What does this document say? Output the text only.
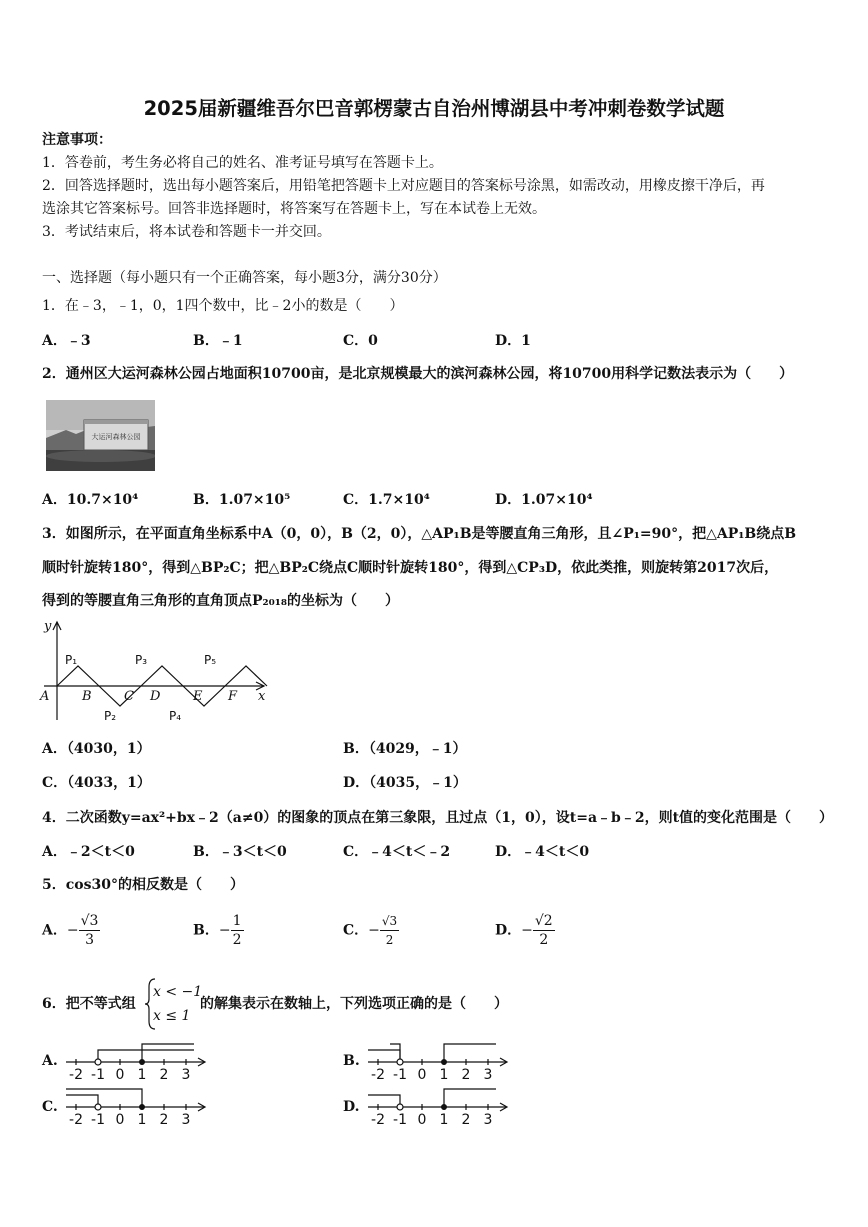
2025届新疆维吾尔巴音郭楞蒙古自治州博湖县中考冲刺卷数学试题
注意事项：
1．答卷前，考生务必将自己的姓名、准考证号填写在答题卡上。
2．回答选择题时，选出每小题答案后，用铅笔把答题卡上对应题目的答案标号涂黑，如需改动，用橡皮擦干净后，再
选涂其它答案标号。回答非选择题时，将答案写在答题卡上，写在本试卷上无效。
3．考试结束后，将本试卷和答题卡一并交回。
一、选择题（每小题只有一个正确答案，每小题3分，满分30分）
1．在﹣3，﹣1，0，1四个数中，比﹣2小的数是（　　）
A．﹣3	B．﹣1	C．0	D．1
2．通州区大运河森林公园占地面积10700亩，是北京规模最大的滨河森林公园，将10700用科学记数法表示为（　　）
大运河森林公园
A．10.7×10⁴	B．1.07×10⁵	C．1.7×10⁴	D．1.07×10⁴
3．如图所示，在平面直角坐标系中A（0，0），B（2，0），△AP₁B是等腰直角三角形，且∠P₁=90°，把△AP₁B绕点B
顺时针旋转180°，得到△BP₂C；把△BP₂C绕点C顺时针旋转180°，得到△CP₃D，依此类推，则旋转第2017次后，
得到的等腰直角三角形的直角顶点P₂₀₁₈的坐标为（　　）
y
x
A	B C D	E F
P₁
P₂
P₃
P₄
P₅
A．（4030，1）	B．（4029，﹣1）
C．（4033，1）	D．（4035，﹣1）
4．二次函数y=ax²+bx﹣2（a≠0）的图象的顶点在第三象限，且过点（1，0），设t=a﹣b﹣2，则t值的变化范围是（　　）
A．﹣2＜t＜0	B．﹣3＜t＜0	C．﹣4＜t＜﹣2	D．﹣4＜t＜0
5．cos30°的相反数是（　　）
A．− $\frac{√3}{3}$	B．− $\frac{1}{2}$	C．− $\frac{√3}{2}$	D．− $\frac{√2}{2}$
6．把不等式组
x < −1
x ≤ 1
的解集表示在数轴上，下列选项正确的是（　　）
A.	B.
C.	D.
-2 -1 0 1 2 3	-2 -1 0 1 2 3
-2 -1 0 1 2 3	-2 -1 0 1 2 3
